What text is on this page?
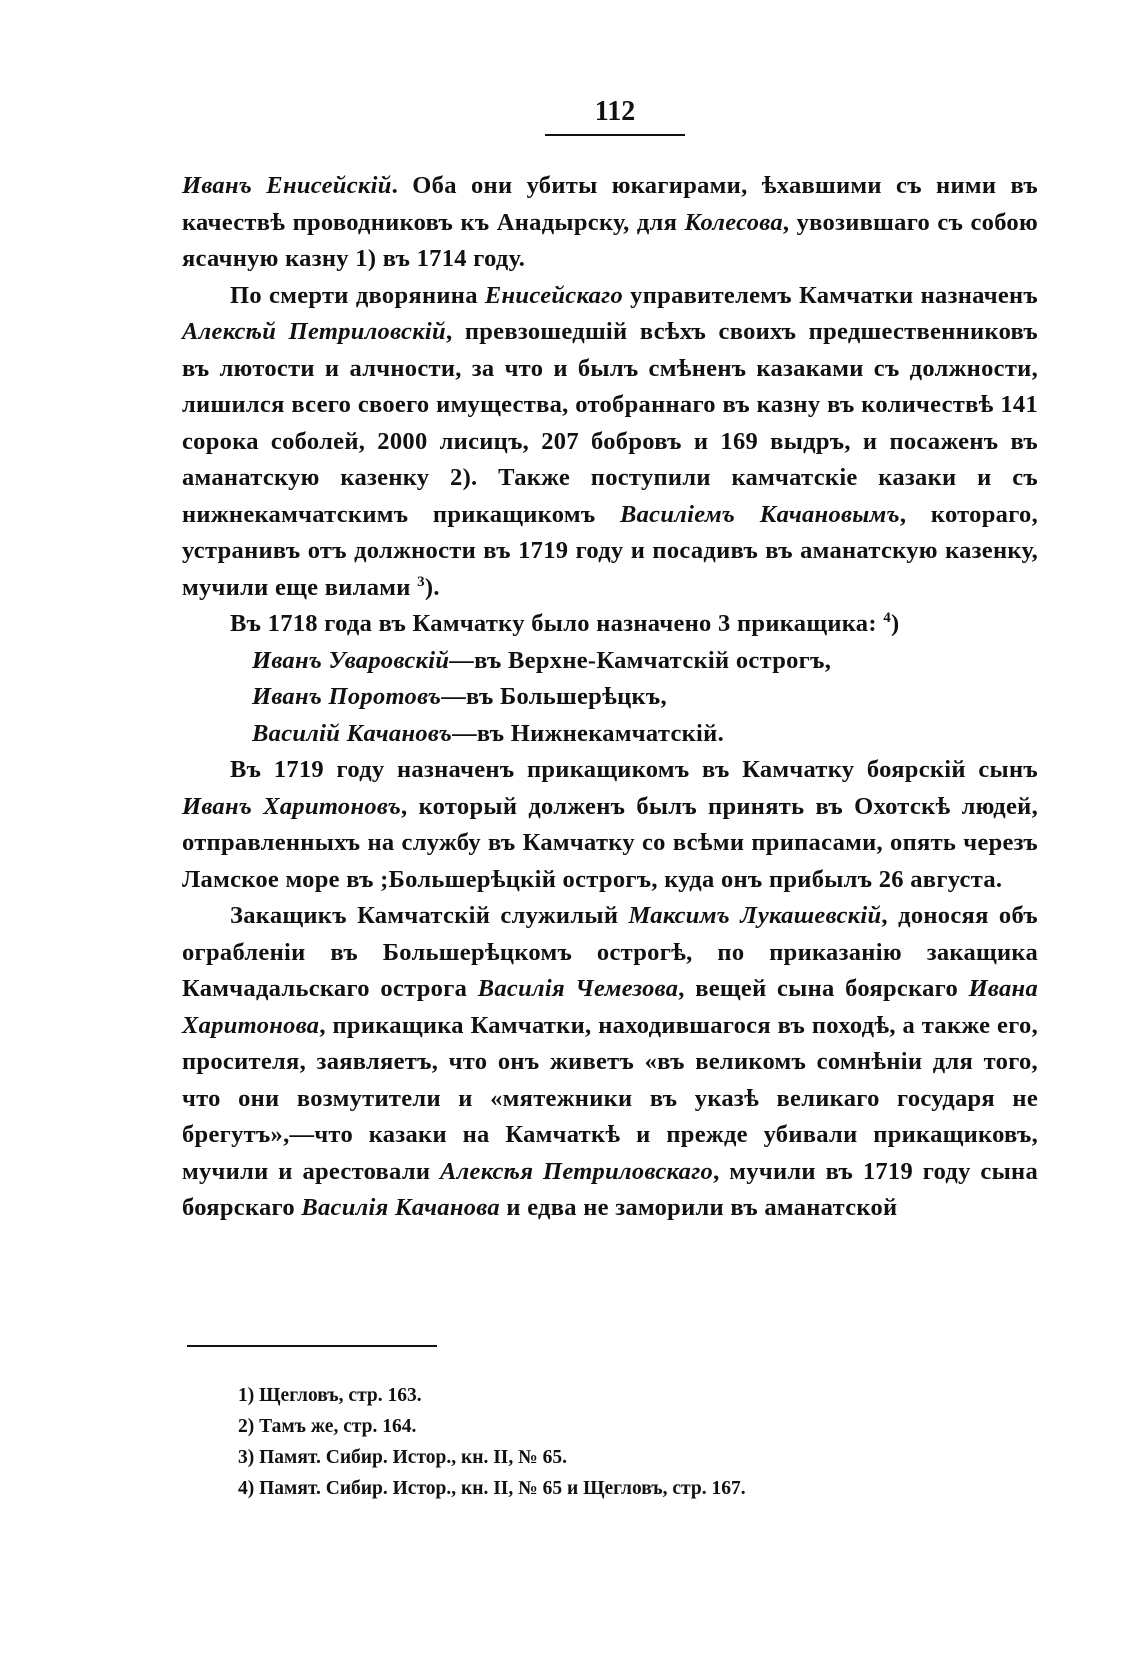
112

Иванъ Енисейскій. Оба они убиты юкагирами, ѣхавшими съ ними въ качествѣ проводниковъ къ Анадырску, для Колесова, увозившаго съ собою ясачную казну 1) въ 1714 году.

По смерти дворянина Енисейскаго управителемъ Камчатки назначенъ Алексѣй Петриловскій, превзошедшій всѣхъ своихъ предшественниковъ въ лютости и алчности, за что и былъ смѣненъ казаками съ должности, лишился всего своего имущества, отобраннаго въ казну въ количествѣ 141 сорока соболей, 2000 лисицъ, 207 бобровъ и 169 выдръ, и посаженъ въ аманатскую казенку 2). Также поступили камчатскіе казаки и съ нижнекамчатскимъ прикащикомъ Василіемъ Качановымъ, котораго, устранивъ отъ должности въ 1719 году и посадивъ въ аманатскую казенку, мучили еще вилами $^3$).

Въ 1718 года въ Камчатку было назначено 3 прикащика: $^4$)

Иванъ Уваровскій—въ Верхне-Камчатскій острогъ,

Иванъ Поротовъ—въ Большерѣцкъ,

Василій Качановъ—въ Нижнекамчатскій.

Въ 1719 году назначенъ прикащикомъ въ Камчатку боярскій сынъ Иванъ Харитоновъ, который долженъ былъ принять въ Охотскѣ людей, отправленныхъ на службу въ Камчатку со всѣми припасами, опять черезъ Ламское море въ ;Большерѣцкій острогъ, куда онъ прибылъ 26 августа.

Закащикъ Камчатскій служилый Максимъ Лукашевскій, доносяя объ ограбленіи въ Большерѣцкомъ острогѣ, по приказанію закащика Камчадальскаго острога Василія Чемезова, вещей сына боярскаго Ивана Харитонова, прикащика Камчатки, находившагося въ походѣ, а также его, просителя, заявляетъ, что онъ живетъ «въ великомъ сомнѣніи для того, что они возмутители и «мятежники въ указѣ великаго государя не брегутъ»,—что казаки на Камчаткѣ и прежде убивали прикащиковъ, мучили и арестовали Алексѣя Петриловскаго, мучили въ 1719 году сына боярскаго Василія Качанова и едва не заморили въ аманатской

1) Щегловъ, стр. 163.
2) Тамъ же, стр. 164.
3) Памят. Сибир. Истор., кн. II, № 65.
4) Памят. Сибир. Истор., кн. II, № 65 и Щегловъ, стр. 167.
